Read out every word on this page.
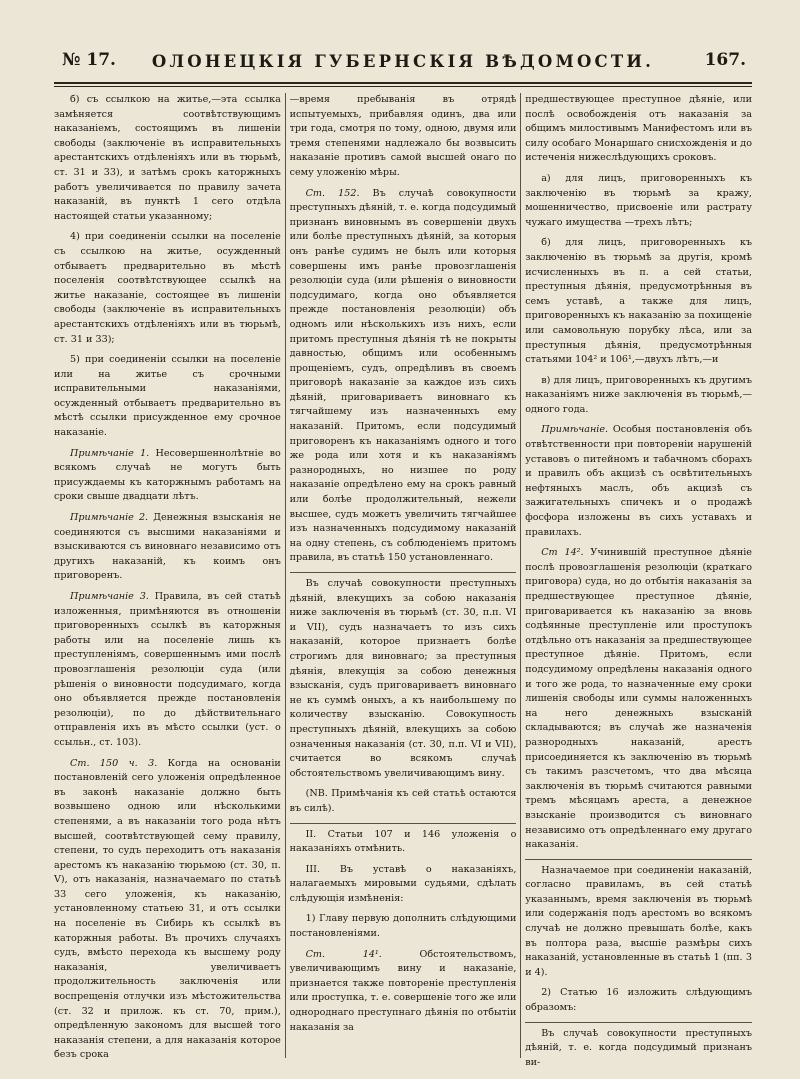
№ 17.	ОЛОНЕЦКІЯ ГУБЕРНСКІЯ ВѢДОМОСТИ.	167.

б) съ ссылкою на житье,—эта ссылка замѣняется соотвѣтствующимъ наказаніемъ, состоящимъ въ лишеніи свободы (заключеніе въ исправительныхъ арестантскихъ отдѣленіяхъ или въ тюрьмѣ, ст. 31 и 33), и затѣмъ срокъ каторжныхъ работъ увеличивается по правилу зачета наказаній, въ пунктѣ 1 сего отдѣла настоящей статьи указанному;

4) при соединеніи ссылки на поселеніе съ ссылкою на житье, осужденный отбываетъ предварительно въ мѣстѣ поселенія соотвѣтствующее ссылкѣ на житье наказаніе, состоящее въ лишеніи свободы (заключеніе въ исправительныхъ арестантскихъ отдѣленіяхъ или въ тюрьмѣ, ст. 31 и 33);

5) при соединеніи ссылки на поселеніе или на житье съ срочными исправительными наказаніями, осужденный отбываетъ предварительно въ мѣстѣ ссылки присужденное ему срочное наказаніе.

Примѣчаніе 1. Несовершеннолѣтніе во всякомъ случаѣ не могутъ быть присуждаемы къ каторжнымъ работамъ на сроки свыше двадцати лѣтъ.

Примѣчаніе 2. Денежныя взысканія не соединяются съ высшими наказаніями и взыскиваются съ виновнаго независимо отъ другихъ наказаній, къ коимъ онъ приговоренъ.

Примѣчаніе 3. Правила, въ сей статьѣ изложенныя, примѣняются въ отношеніи приговоренныхъ ссылкѣ въ каторжныя работы или на поселеніе лишь къ преступленіямъ, совершеннымъ ими послѣ провозглашенія резолюціи суда (или рѣшенія о виновности подсудимаго, когда оно объявляется прежде постановленія резолюціи), по до дѣйствительнаго отправленія ихъ въ мѣсто ссылки (уст. о ссыльн., ст. 103).

Ст. 150 ч. 3. Когда на основаніи постановленій сего уложенія опредѣленное въ законѣ наказаніе должно быть возвышено одною или нѣсколькими степенями, а въ наказаніи того рода нѣтъ высшей, соотвѣтствующей сему правилу, степени, то судъ переходитъ отъ наказанія арестомъ къ наказанію тюрьмою (ст. 30, п. V), отъ наказанія, назначаемаго по статьѣ 33 сего уложенія, къ наказанію, установленному статьею 31, и отъ ссылки на поселеніе въ Сибирь къ ссылкѣ въ каторжныя работы. Въ прочихъ случаяхъ судъ, вмѣсто перехода къ высшему роду наказанія, увеличиваетъ продолжительность заключенія или воспрещенія отлучки изъ мѣстожительства (ст. 32 и прилож. къ ст. 70, прим.), опредѣленную закономъ для высшей того наказанія степени, а для наказанія которое безъ срока

—время пребыванія въ отрядѣ испытуемыхъ, прибавляя одинъ, два или три года, смотря по тому, одною, двумя или тремя степенями надлежало бы возвысить наказаніе противъ самой высшей онаго по сему уложенію мѣры.

Ст. 152. Въ случаѣ совокупности преступныхъ дѣяній, т. е. когда подсудимый признанъ виновнымъ въ совершеніи двухъ или болѣе преступныхъ дѣяній, за которыя онъ ранѣе судимъ не былъ или которыя совершены имъ ранѣе провозглашенія резолюціи суда (или рѣшенія о виновности подсудимаго, когда оно объявляется прежде постановленія резолюціи) объ одномъ или нѣсколькихъ изъ нихъ, если притомъ преступныя дѣянія тѣ не покрыты давностью, общимъ или особеннымъ прощеніемъ, судъ, опредѣливъ въ своемъ приговорѣ наказаніе за каждое изъ сихъ дѣяній, приговариваетъ виновнаго къ тягчайшему изъ назначенныхъ ему наказаній. Притомъ, если подсудимый приговоренъ къ наказаніямъ одного и того же рода или хотя и къ наказаніямъ разнородныхъ, но низшее по роду наказаніе опредѣлено ему на срокъ равный или болѣе продолжительный, нежели высшее, судъ можетъ увеличить тягчайшее изъ назначенныхъ подсудимому наказаній на одну степень, съ соблюденіемъ притомъ правила, въ статьѣ 150 установленнаго.

Въ случаѣ совокупности преступныхъ дѣяній, влекущихъ за собою наказанія ниже заключенія въ тюрьмѣ (ст. 30, п.п. VI и VII), судъ назначаетъ то изъ сихъ наказаній, которое признаетъ болѣе строгимъ для виновнаго; за преступныя дѣянія, влекущія за собою денежныя взысканія, судъ приговариваетъ виновнаго не къ суммѣ оныхъ, а къ наибольшему по количеству взысканію. Совокупность преступныхъ дѣяній, влекущихъ за собою означенныя наказанія (ст. 30, п.п. VI и VII), считается во всякомъ случаѣ обстоятельствомъ увеличивающимъ вину.

(NB. Примѣчанія къ сей статьѣ остаются въ силѣ).

II. Статьи 107 и 146 уложенія о наказаніяхъ отмѣнить.

III. Въ уставѣ о наказаніяхъ, налагаемыхъ мировыми судьями, сдѣлать слѣдующія измѣненія:

1) Главу первую дополнить слѣдующими постановленіями.

Ст. 14¹. Обстоятельствомъ, увеличивающимъ вину и наказаніе, признается также повтореніе преступленія или проступка, т. е. совершеніе того же или однороднаго преступнаго дѣянія по отбытіи наказанія за

предшествующее преступное дѣяніе, или послѣ освобожденія отъ наказанія за общимъ милостивымъ Манифестомъ или въ силу особаго Монаршаго снисхожденія и до истеченія нижеслѣдующихъ сроковъ.

а) для лицъ, приговоренныхъ къ заключенію въ тюрьмѣ за кражу, мошенничество, присвоеніе или растрату чужаго имущества —трехъ лѣтъ;

б) для лицъ, приговоренныхъ къ заключенію въ тюрьмѣ за другія, кромѣ исчисленныхъ въ п. а сей статьи, преступныя дѣянія, предусмотрѣнныя въ семъ уставѣ, а также для лицъ, приговоренныхъ къ наказанію за похищеніе или самовольную порубку лѣса, или за преступныя дѣянія, предусмотрѣнныя статьями 104² и 106¹,—двухъ лѣтъ,—и

в) для лицъ, приговоренныхъ къ другимъ наказаніямъ ниже заключенія въ тюрьмѣ,—одного года.

Примѣчаніе. Особыя постановленія объ отвѣтственности при повтореніи нарушеній уставовъ о питейномъ и табачномъ сборахъ и правилъ объ акцизѣ съ освѣтительныхъ нефтяныхъ маслъ, объ акцизѣ съ зажигательныхъ спичекъ и о продажѣ фосфора изложены въ сихъ уставахъ и правилахъ.

Ст 14². Учинившій преступное дѣяніе послѣ провозглашенія резолюціи (краткаго приговора) суда, но до отбытія наказанія за предшествующее преступное дѣяніе, приговаривается къ наказанію за вновь содѣянные преступленіе или проступокъ отдѣльно отъ наказанія за предшествующее преступное дѣяніе. Притомъ, если подсудимому опредѣлены наказанія одного и того же рода, то назначенные ему сроки лишенія свободы или суммы наложенныхъ на него денежныхъ взысканій складываются; въ случаѣ же назначенія разнородныхъ наказаній, арестъ присоединяется къ заключенію въ тюрьмѣ съ такимъ разсчетомъ, что два мѣсяца заключенія въ тюрьмѣ считаются равными тремъ мѣсяцамъ ареста, а денежное взысканіе производится съ виновнаго независимо отъ опредѣленнаго ему другаго наказанія.

Назначаемое при соединеніи наказаній, согласно правиламъ, въ сей статьѣ указаннымъ, время заключенія въ тюрьмѣ или содержанія подъ арестомъ во всякомъ случаѣ не должно превышать болѣе, какъ въ полтора раза, высшіе размѣры сихъ наказаній, установленные въ статьѣ 1 (пп. 3 и 4).

2) Статью 16 изложить слѣдующимъ образомъ:

Въ случаѣ совокупности преступныхъ дѣяній, т. е. когда подсудимый признанъ ви-
